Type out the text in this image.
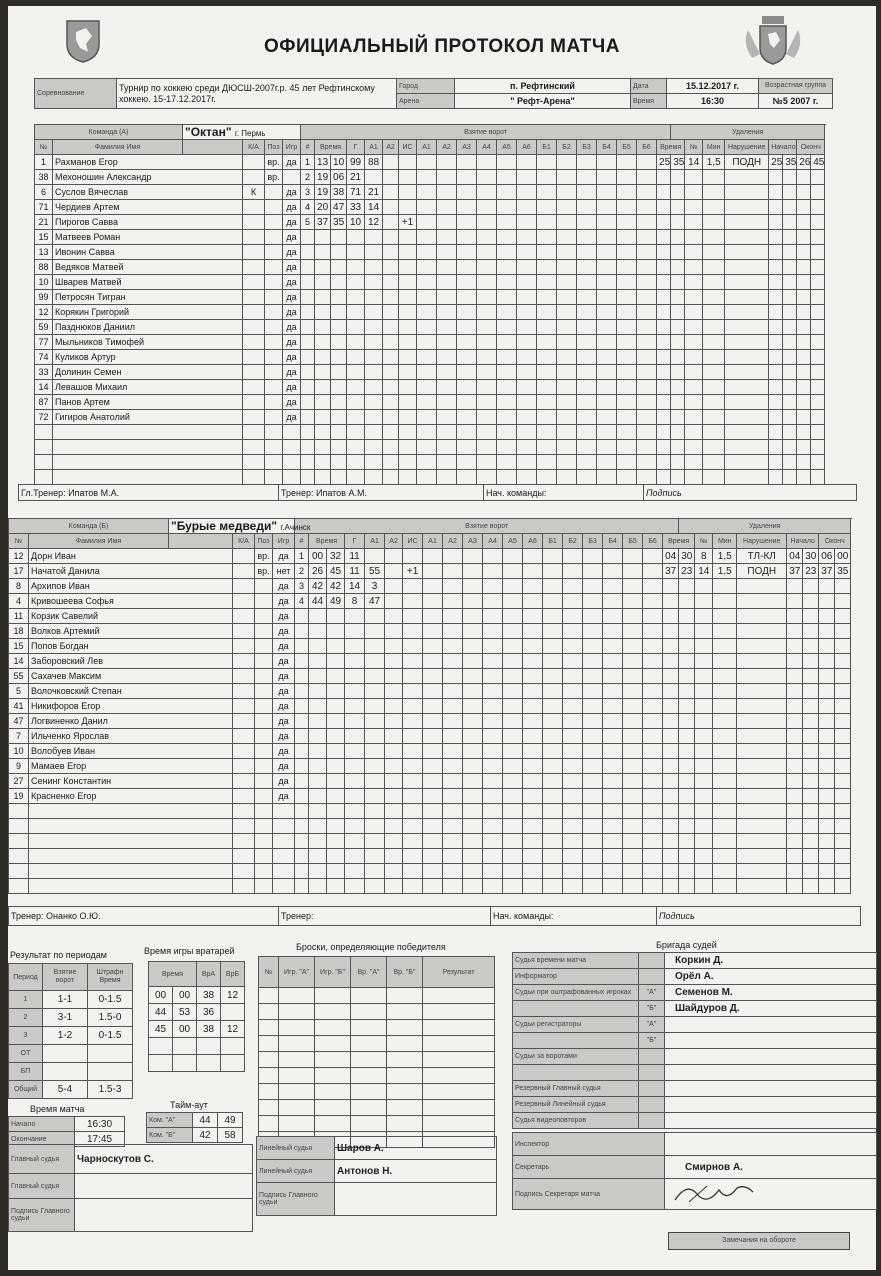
ОФИЦИАЛЬНЫЙ ПРОТОКОЛ МАТЧА
Соревнование	Турнир по хоккею среди ДЮСШ-2007г.р. 45 лет Рефтинскому хоккею. 15-17.12.2017г.	Город	п. Рефтинский	Дата	15.12.2017 г.	Возрастная группа
		Арена	" Рефт-Арена"	Время	16:30	№5 2007 г.
Команда (А)		"Октан" г. Пермь				Взятие ворот																				Удаления							
№	Фамилия Имя		К/А	Поз	Игр	#	Время		Г	А1	А2	ИС	А1	А2	А3	А4	А5	А6	Б1	Б2	Б3	Б4	Б5	Б6	Время		№	Мин	Нарушение	Начало		Оконч	
1	Рахманов Егор			вр.	да	1	13	10	99	88															25	35	14	1,5	ПОДН	25	35	26	45
38	Мехоношин Александр			вр.		2	19	06	21																								
6	Суслов Вячеслав		К		да	3	19	38	71	21																							
71	Чердиев Артем				да	4	20	47	33	14																							
21	Пирогов Савва				да	5	37	35	10	12		+1																					
15	Матвеев Роман				да																												
13	Ивонин Савва				да																												
88	Ведяков Матвей				да																												
10	Шварев Матвей				да																												
99	Петросян Тигран				да																												
12	Корякин Григорий				да																												
59	Пазднюков Даниил				да																												
77	Мыльников Тимофей				да																												
74	Куликов Артур				да																												
33	Долинин Семен				да																												
14	Левашов Михаил				да																												
87	Панов Артем				да																												
72	Гигиров Анатолий				да																												

Гл.Тренер: Ипатов М.А.	Тренер: Ипатов А.М.	Нач. команды:	Подпись
Команда (Б)		"Бурые медведи" г.Ачинск				Взятие ворот																				Удаления							
№	Фамилия Имя		К/А	Поз	Игр	#	Время		Г	А1	А2	ИС	А1	А2	А3	А4	А5	А6	Б1	Б2	Б3	Б4	Б5	Б6	Время		№	Мин	Нарушение	Начало		Оконч	
12	Дорн Иван			вр.	да	1	00	32	11																04	30	8	1,5	ТЛ-КЛ	04	30	06	00
17	Начатой Данила			вр.	нет	2	26	45	11	55		+1													37	23	14	1,5	ПОДН	37	23	37	35
8	Архипов Иван				да	3	42	42	14	3																							
4	Кривошеева Софья				да	4	44	49	8	47																							
11	Корзик Савелий				да																												
18	Волков Артемий				да																												
15	Попов Богдан				да																												
14	Заборовский Лев				да																												
55	Сахачев Максим				да																												
5	Волочковский Степан				да																												
41	Никифоров Егор				да																												
47	Логвиненко Данил				да																												
7	Ильченко Ярослав				да																												
10	Волобуев Иван				да																												
9	Мамаев Егор				да																												
27	Сенинг Константин				да																												
19	Красненко Егор				да																												

Тренер: Онанко О.Ю.	Тренер:	Нач. команды:	Подпись
Результат по периодам
Период	Взятие ворот	Штрафн Время
1	1-1	0-1.5
2	3-1	1.5-0
3	1-2	0-1.5
ОТ		
БП		
Общий	5-4	1.5-3
Время игры вратарей
Время		ВрА	ВрБ
00	00	38	12
44	53	36	
45	00	38	12

Время матча
Начало	16:30
Окончание	17:45
Тайм-аут
Ком. "А"	44	49
Ком. "Б"	42	58
Броски, определяющие победителя
№	Игр. "А"	Игр. "Б"	Вр. "А"	Вр. "Б"	Результат

Бригада судей
Судья времени матча		Коркин Д.
Информатор		Орёл А.
Судьи при оштрафованных игроках	"А"	Семенов М.
	"Б"	Шайдуров Д.
Судьи регистраторы	"А"	
	"Б"	
Судьи за воротами		

Резервный Главный судья		
Резервный Линейный судья		
Судья видеоповторов		
Инспектор	
Секретарь	Смирнов А.
Подпись Секретаря матча	
Замечания на обороте
Главный судья	Чарноскутов С.
Главный судья	
Подпись Главного судьи	
Линейный судья	Шаров А.
Линейный судья	Антонов Н.
Подпись Главного судьи	
